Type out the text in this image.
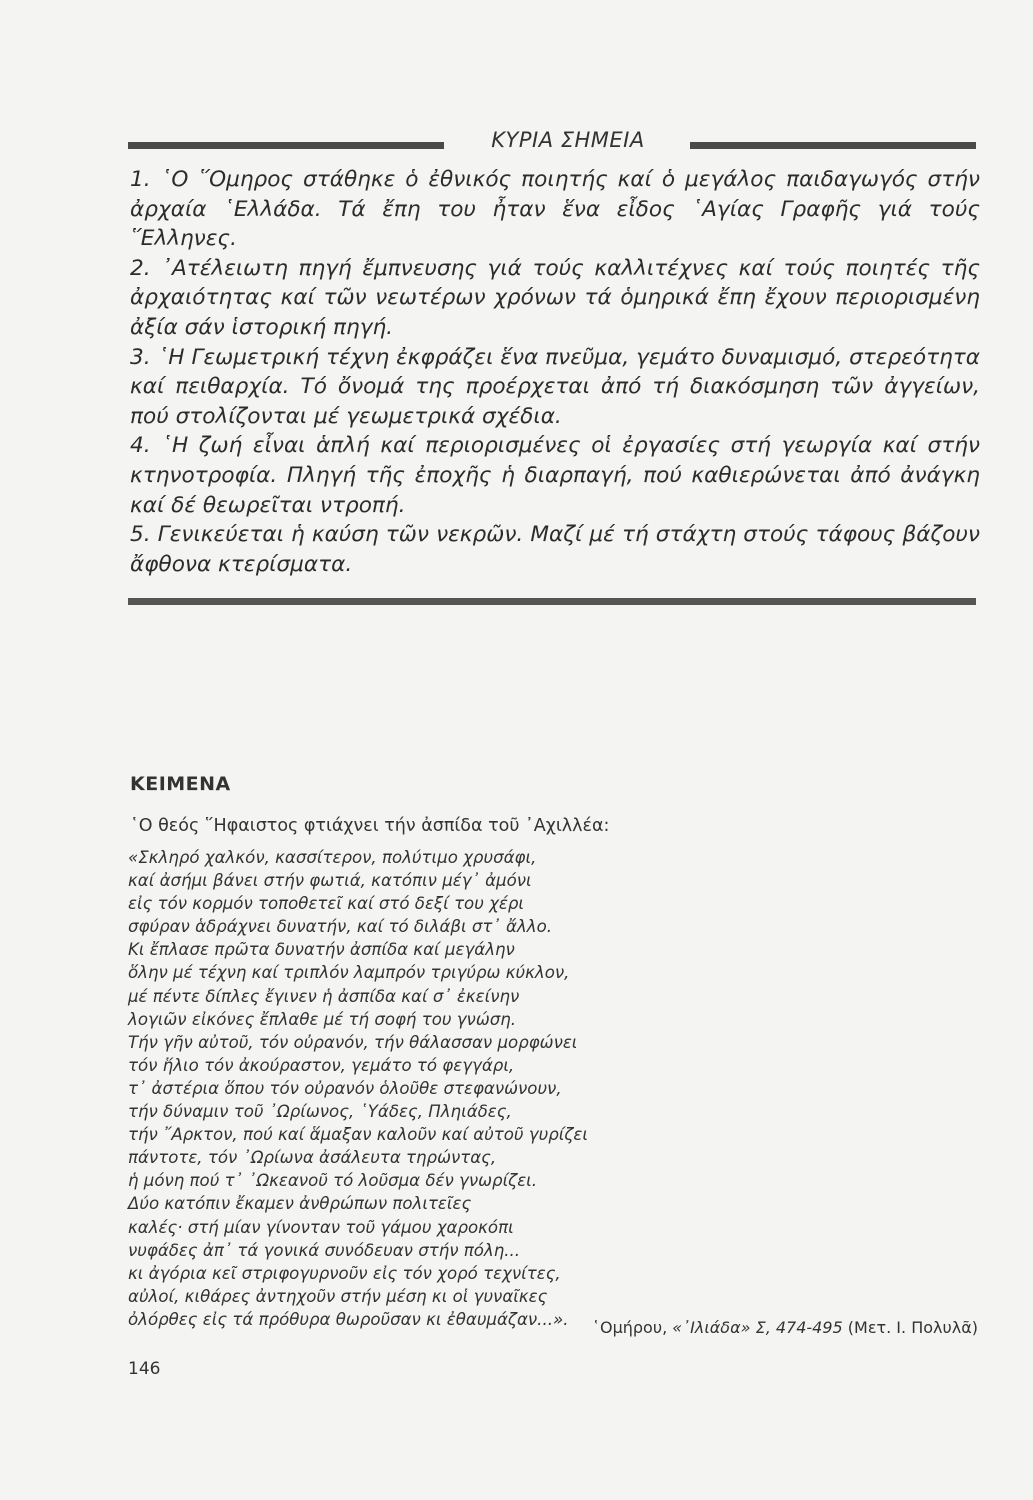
ΚΥΡΙΑ ΣΗΜΕΙΑ

1. ῾Ο ῞Ομηρος στάθηκε ὁ ἐθνικός ποιητής καί ὁ μεγάλος παιδαγωγός στήν ἀρχαία ῾Ελλάδα. Τά ἔπη του ἦταν ἕνα εἶδος ῾Αγίας Γραφῆς γιά τούς ῞Ελληνες.

2. ᾿Ατέλειωτη πηγή ἔμπνευσης γιά τούς καλλιτέχνες καί τούς ποιητές τῆς ἀρχαιότητας καί τῶν νεωτέρων χρόνων τά ὁμηρικά ἔπη ἔχουν περιορισμένη ἀξία σάν ἱστορική πηγή.

3. ῾Η Γεωμετρική τέχνη ἐκφράζει ἕνα πνεῦμα, γεμάτο δυναμισμό, στερεότητα καί πειθαρχία. Τό ὄνομά της προέρχεται ἀπό τή διακόσμηση τῶν ἀγγείων, πού στολίζονται μέ γεωμετρικά σχέδια.

4. ῾Η ζωή εἶναι ἁπλή καί περιορισμένες οἱ ἐργασίες στή γεωργία καί στήν κτηνοτροφία. Πληγή τῆς ἐποχῆς ἡ διαρπαγή, πού καθιερώνεται ἀπό ἀνάγκη καί δέ θεωρεῖται ντροπή.

5. Γενικεύεται ἡ καύση τῶν νεκρῶν. Μαζί μέ τή στάχτη στούς τάφους βάζουν ἄφθονα κτερίσματα.

ΚΕΙΜΕΝΑ
῾Ο θεός ῞Ηφαιστος φτιάχνει τήν ἀσπίδα τοῦ ᾿Αχιλλέα:
«Σκληρό χαλκόν, κασσίτερον, πολύτιμο χρυσάφι,
καί ἀσήμι βάνει στήν φωτιά, κατόπιν μέγ᾿ ἀμόνι
εἰς τόν κορμόν τοποθετεῖ καί στό δεξί του χέρι
σφύραν ἁδράχνει δυνατήν, καί τό διλάβι στ᾿ ἄλλο.
Κι ἔπλασε πρῶτα δυνατήν ἀσπίδα καί μεγάλην
ὅλην μέ τέχνη καί τριπλόν λαμπρόν τριγύρω κύκλον,
μέ πέντε δίπλες ἔγινεν ἡ ἀσπίδα καί σ᾿ ἐκείνην
λογιῶν εἰκόνες ἔπλαθε μέ τή σοφή του γνώση.
Τήν γῆν αὐτοῦ, τόν οὐρανόν, τήν θάλασσαν μορφώνει
τόν ἥλιο τόν ἀκούραστον, γεμάτο τό φεγγάρι,
τ᾿ ἀστέρια ὅπου τόν οὐρανόν ὁλοῦθε στεφανώνουν,
τήν δύναμιν τοῦ ᾿Ωρίωνος, ῾Υάδες, Πληιάδες,
τήν ῎Αρκτον, πού καί ἅμαξαν καλοῦν καί αὐτοῦ γυρίζει
πάντοτε, τόν ᾿Ωρίωνα ἀσάλευτα τηρώντας,
ἡ μόνη πού τ᾿ ᾿Ωκεανοῦ τό λοῦσμα δέν γνωρίζει.
Δύο κατόπιν ἔκαμεν ἀνθρώπων πολιτεῖες
καλές· στή μίαν γίνονταν τοῦ γάμου χαροκόπι
νυφάδες ἀπ᾿ τά γονικά συνόδευαν στήν πόλη...
κι ἀγόρια κεῖ στριφογυρνοῦν εἰς τόν χορό τεχνίτες,
αὐλοί, κιθάρες ἀντηχοῦν στήν μέση κι οἱ γυναῖκες
ὀλόρθες εἰς τά πρόθυρα θωροῦσαν κι ἐθαυμάζαν...».	῾Ομήρου, «᾿Ιλιάδα» Σ, 474-495 (Μετ. Ι. Πολυλᾶ)
146
